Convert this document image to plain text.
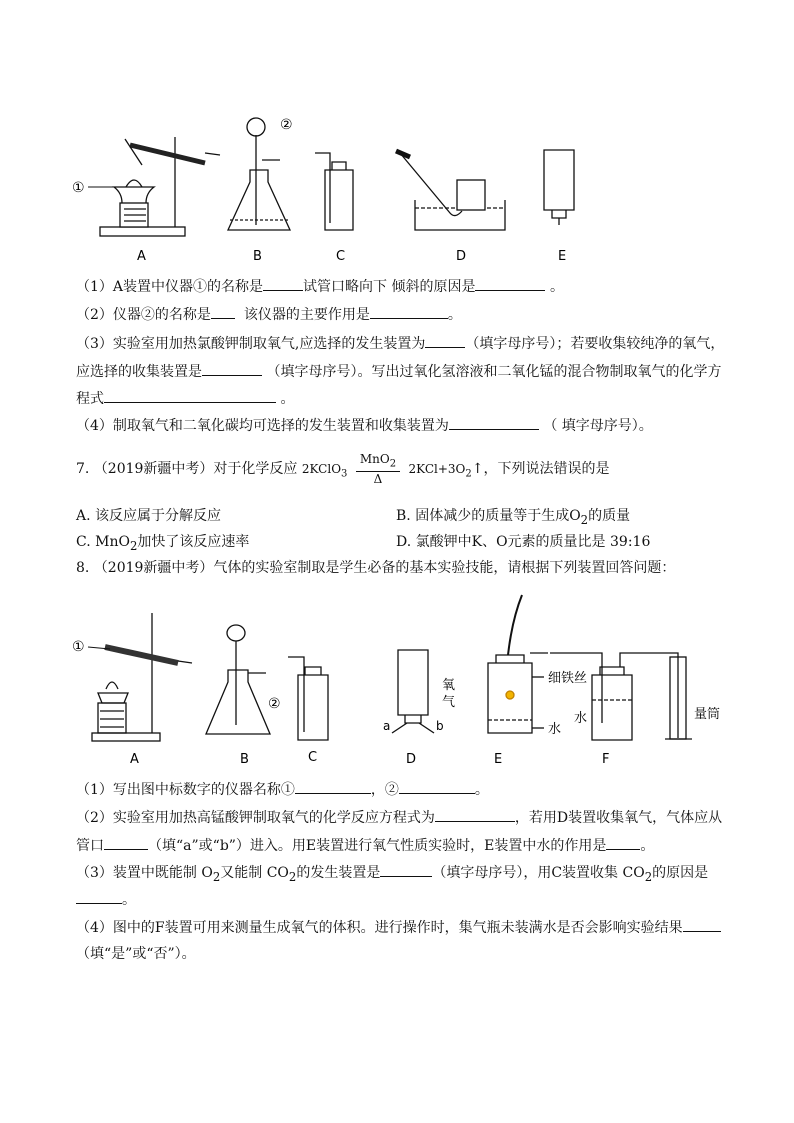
①
②
A	B	C	D	E
（1）A装置中仪器①的名称是	试管口略向下 倾斜的原因是	。
（2）仪器②的名称是 该仪器的主要作用是	。
（3）实验室用加热氯酸钾制取氧气,应选择的发生装置为	（填字母序号）；若要收集较纯净的氧气，
应选择的收集装置是	（填字母序号）。写出过氧化氢溶液和二氧化锰的混合物制取氧气的化学方
程式	。
（4）制取氧气和二氧化碳均可选择的发生装置和收集装置为	（ 填字母序号）。
7. （2019新疆中考）对于化学反应 2KClO$_3$ $\frac{MnO_2}{\Delta}$ $2KCl+3O_2↑$，下列说法错误的是
A. 该反应属于分解反应	B. 固体减少的质量等于生成$O_2$的质量
C. MnO$_2$加快了该反应速率	D. 氯酸钾中K、O元素的质量比是 39:16
8. （2019新疆中考）气体的实验室制取是学生必备的基本实验技能，请根据下列装置回答问题：
①
②
氧
气
细铁丝
水
水	量筒
a	b
A	B	C	D	E	F
（1）写出图中标数字的仪器名称①	，②	。
（2）实验室用加热高锰酸钾制取氧气的化学反应方程式为	，若用D装置收集氧气，气体应从
管口	（填“a”或“b”）进入。用E装置进行氧气性质实验时，E装置中水的作用是 。
（3）装置中既能制 $O_2$又能制 $CO_2$的发生装置是	（填字母序号），用C装置收集 $CO_2$的原因是
。
（4）图中的F装置可用来测量生成氧气的体积。进行操作时，集气瓶未装满水是否会影响实验结果
（填“是”或“否”）。
